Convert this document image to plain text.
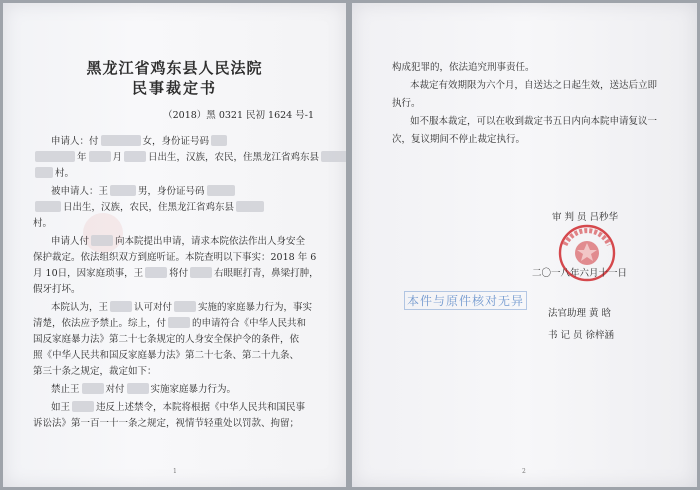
黑龙江省鸡东县人民法院
民事裁定书
（2018）黑 0321 民初 1624 号-1
申请人：付	女，身份证号码
年	月	日出生，汉族，农民，住黑龙江省鸡东县
村。
被申请人：王	男，身份证号码
日出生，汉族，农民，住黑龙江省鸡东县
村。
申请人付	向本院提出申请，请求本院依法作出人身安全
保护裁定。依法组织双方到庭听证。本院查明以下事实：2018 年 6
月 10日，因家庭琐事，王	将付	右眼眶打青，鼻梁打肿，
假牙打坏。
本院认为，王	认可对付	实施的家庭暴力行为，事实
清楚，依法应予禁止。综上，付	的申请符合《中华人民共和
国反家庭暴力法》第二十七条规定的人身安全保护令的条件，依
照《中华人民共和国反家庭暴力法》第二十七条、第二十九条、
第三十条之规定，裁定如下：
禁止王	对付	实施家庭暴力行为。
如王	违反上述禁令，本院将根据《中华人民共和国民事
诉讼法》第一百一十一条之规定，视情节轻重处以罚款、拘留；
1
构成犯罪的，依法追究刑事责任。
本裁定有效期限为六个月，自送达之日起生效，送达后立即
执行。
如不服本裁定，可以在收到裁定书五日内向本院申请复议一
次，复议期间不停止裁定执行。
审 判 员 吕秒华
二〇一八年六月十一日
本件与原件核对无异
法官助理 黄 晗
书 记 员 徐梓涵
2
